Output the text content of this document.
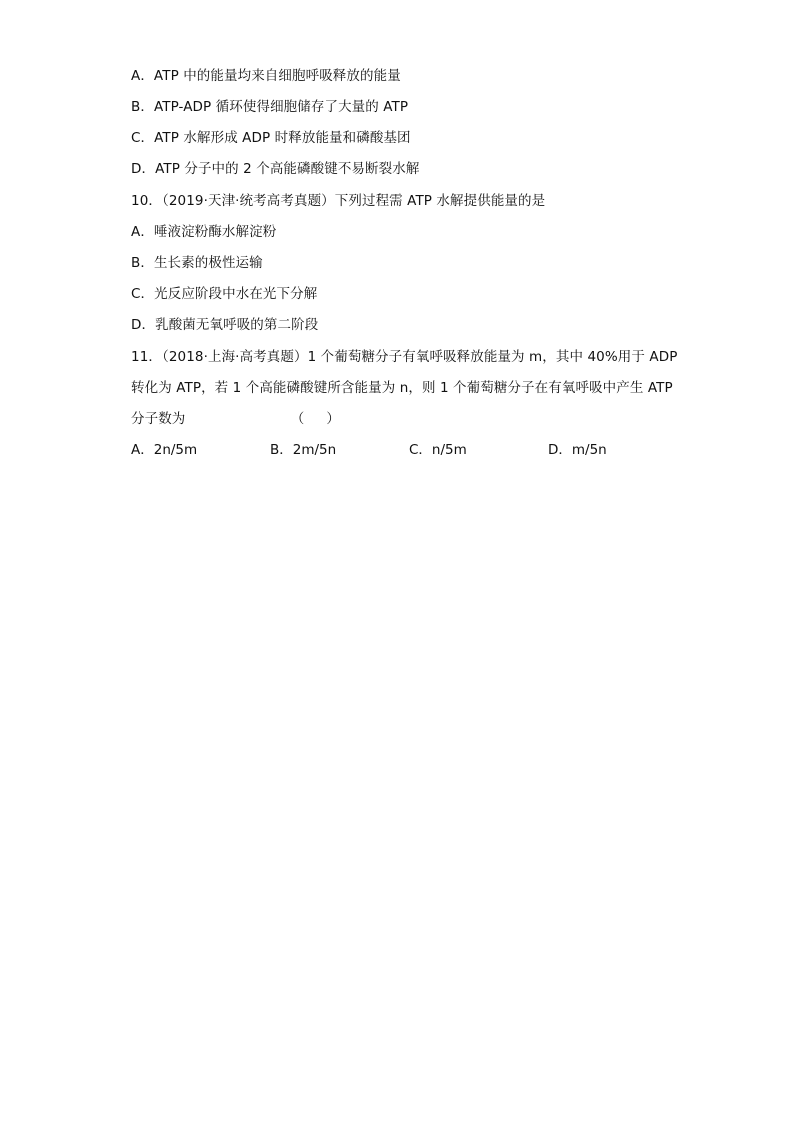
A．ATP 中的能量均来自细胞呼吸释放的能量
B．ATP-ADP 循环使得细胞储存了大量的 ATP
C．ATP 水解形成 ADP 时释放能量和磷酸基团
D．ATP 分子中的 2 个高能磷酸键不易断裂水解
10．（2019·天津·统考高考真题）下列过程需 ATP 水解提供能量的是
A．唾液淀粉酶水解淀粉
B．生长素的极性运输
C．光反应阶段中水在光下分解
D．乳酸菌无氧呼吸的第二阶段
11．（2018·上海·高考真题）1 个葡萄糖分子有氧呼吸释放能量为 m，其中 40%用于 ADP
转化为 ATP，若 1 个高能磷酸键所含能量为 n，则 1 个葡萄糖分子在有氧呼吸中产生 ATP
分子数为                        （     ）
A．2n/5m	B．2m/5n	C．n/5m	D．m/5n
